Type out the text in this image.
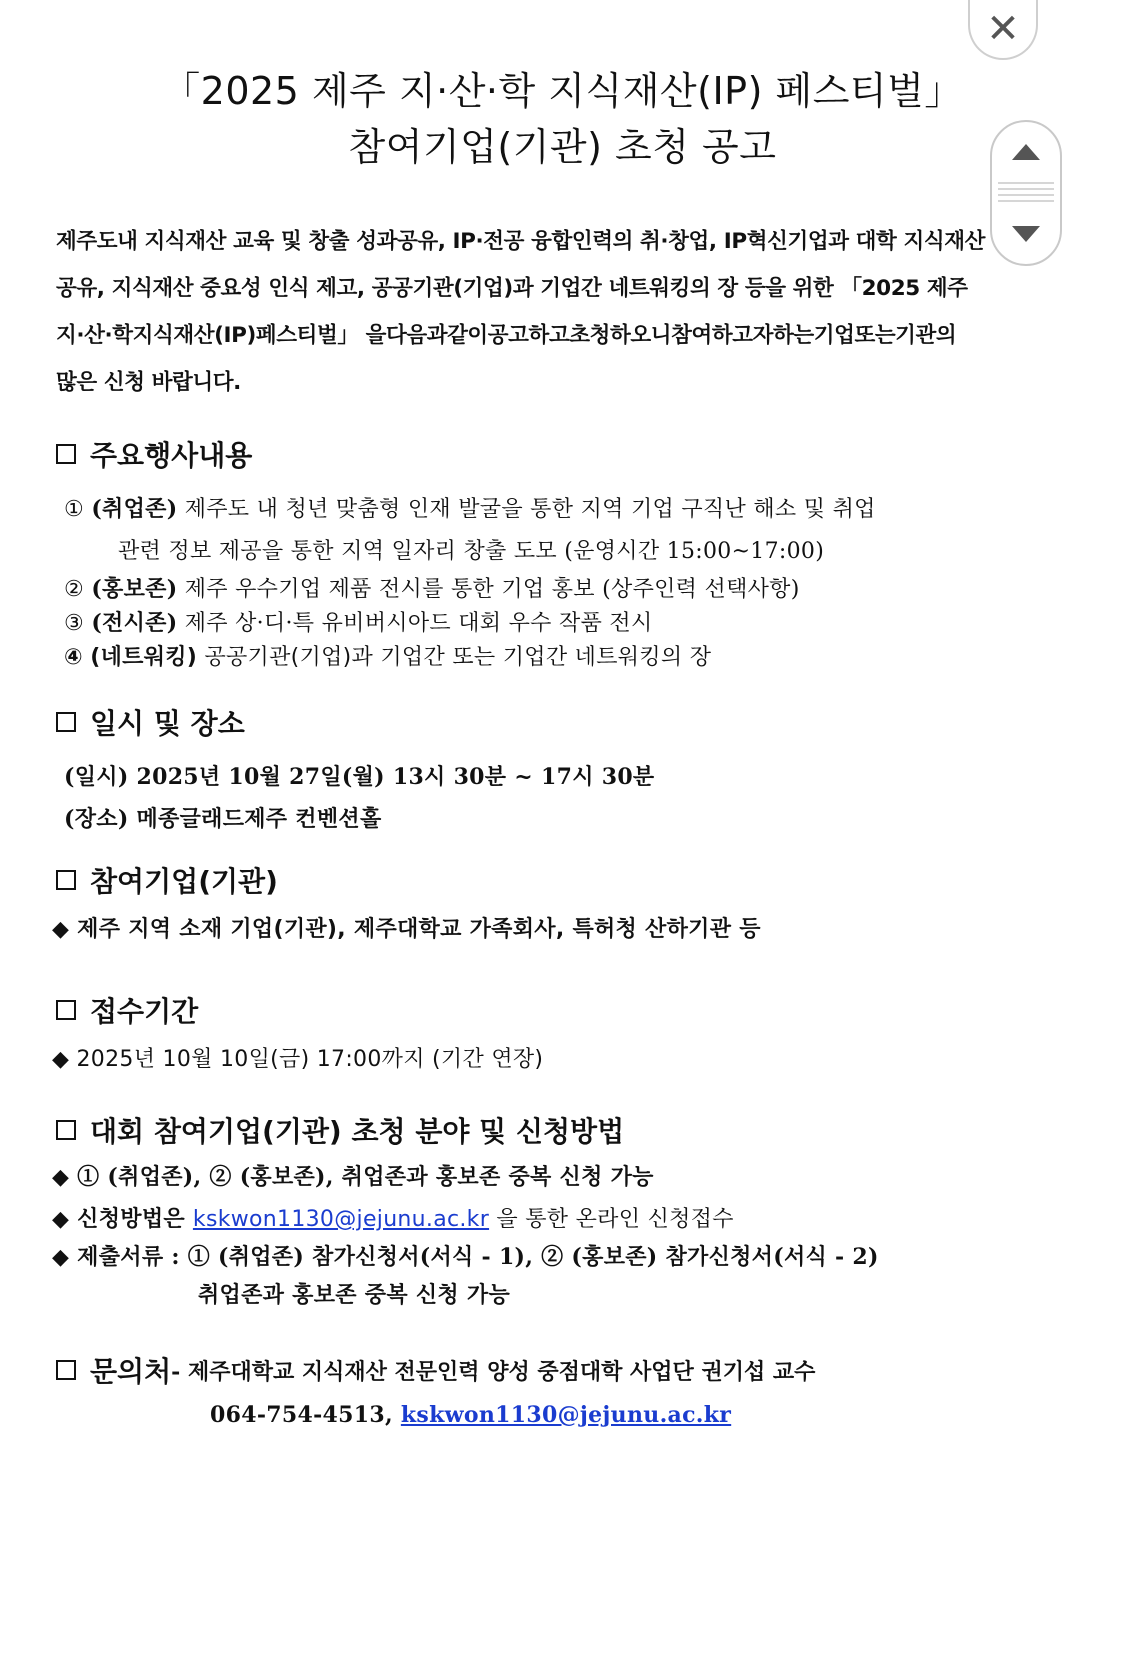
「2025 제주 지·산·학 지식재산(IP) 페스티벌」
참여기업(기관) 초청 공고
제주도내 지식재산 교육 및 창출 성과공유, IP·전공 융합인력의 취·창업, IP혁신기업과 대학 지식재산
공유, 지식재산 중요성 인식 제고, 공공기관(기업)과 기업간 네트워킹의 장 등을 위한 「2025 제주
지·산·학지식재산(IP)페스티벌」 을다음과같이공고하고초청하오니참여하고자하는기업또는기관의
많은 신청 바랍니다.
주요행사내용
① (취업존) 제주도 내 청년 맞춤형 인재 발굴을 통한 지역 기업 구직난 해소 및 취업
관련 정보 제공을 통한 지역 일자리 창출 도모 (운영시간 15:00~17:00)
② (홍보존) 제주 우수기업 제품 전시를 통한 기업 홍보 (상주인력 선택사항)
③ (전시존) 제주 상·디·특 유비버시아드 대회 우수 작품 전시
④ (네트워킹) 공공기관(기업)과 기업간 또는 기업간 네트워킹의 장
일시 및 장소
(일시) 2025년 10월 27일(월) 13시 30분 ~ 17시 30분
(장소) 메종글래드제주 컨벤션홀
참여기업(기관)
◆ 제주 지역 소재 기업(기관), 제주대학교 가족회사, 특허청 산하기관 등
접수기간
◆ 2025년 10월 10일(금) 17:00까지 (기간 연장)
대회 참여기업(기관) 초청 분야 및 신청방법
◆ ① (취업존), ② (홍보존), 취업존과 홍보존 중복 신청 가능
◆ 신청방법은 kskwon1130@jejunu.ac.kr 을 통한 온라인 신청접수
◆ 제출서류 : ① (취업존) 참가신청서(서식 - 1), ② (홍보존) 참가신청서(서식 - 2)
취업존과 홍보존 중복 신청 가능
문의처 - 제주대학교 지식재산 전문인력 양성 중점대학 사업단 권기섭 교수
064-754-4513, kskwon1130@jejunu.ac.kr
✕
